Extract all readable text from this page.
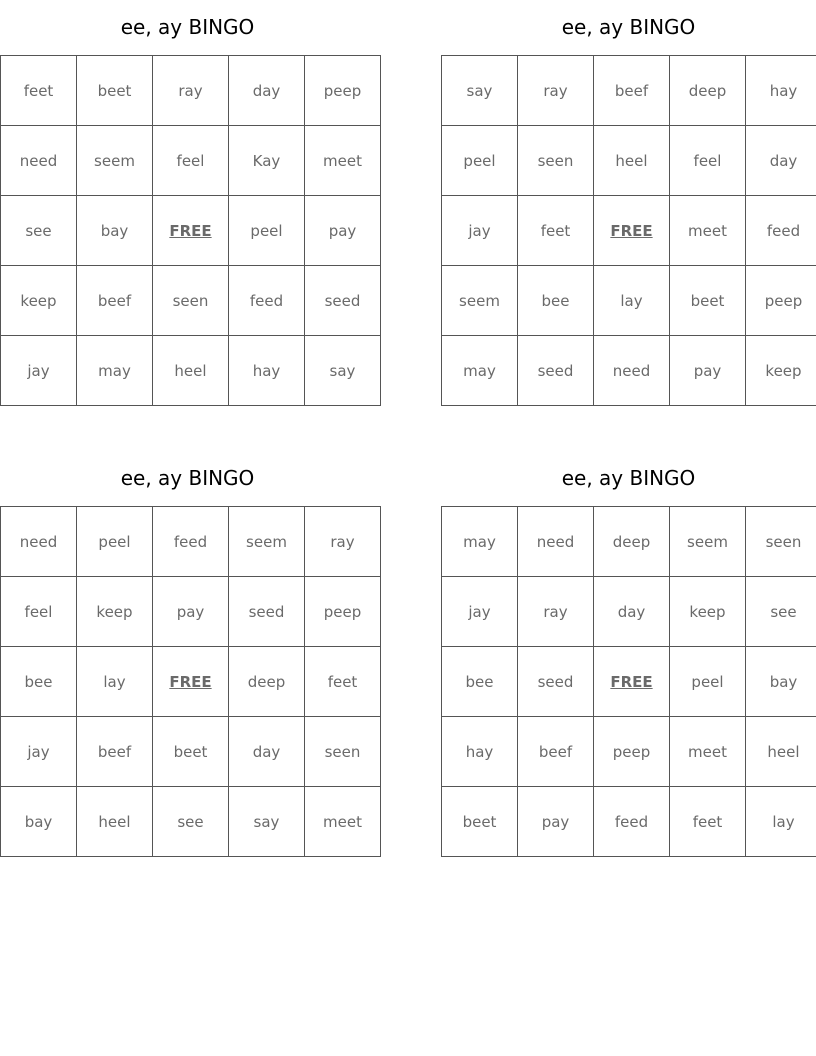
ee, ay BINGO
feet	beet	ray	day	peep
need	seem	feel	Kay	meet
see	bay	FREE	peel	pay
keep	beef	seen	feed	seed
jay	may	heel	hay	say
ee, ay BINGO
say	ray	beef	deep	hay
peel	seen	heel	feel	day
jay	feet	FREE	meet	feed
seem	bee	lay	beet	peep
may	seed	need	pay	keep
ee, ay BINGO
need	peel	feed	seem	ray
feel	keep	pay	seed	peep
bee	lay	FREE	deep	feet
jay	beef	beet	day	seen
bay	heel	see	say	meet
ee, ay BINGO
may	need	deep	seem	seen
jay	ray	day	keep	see
bee	seed	FREE	peel	bay
hay	beef	peep	meet	heel
beet	pay	feed	feet	lay
